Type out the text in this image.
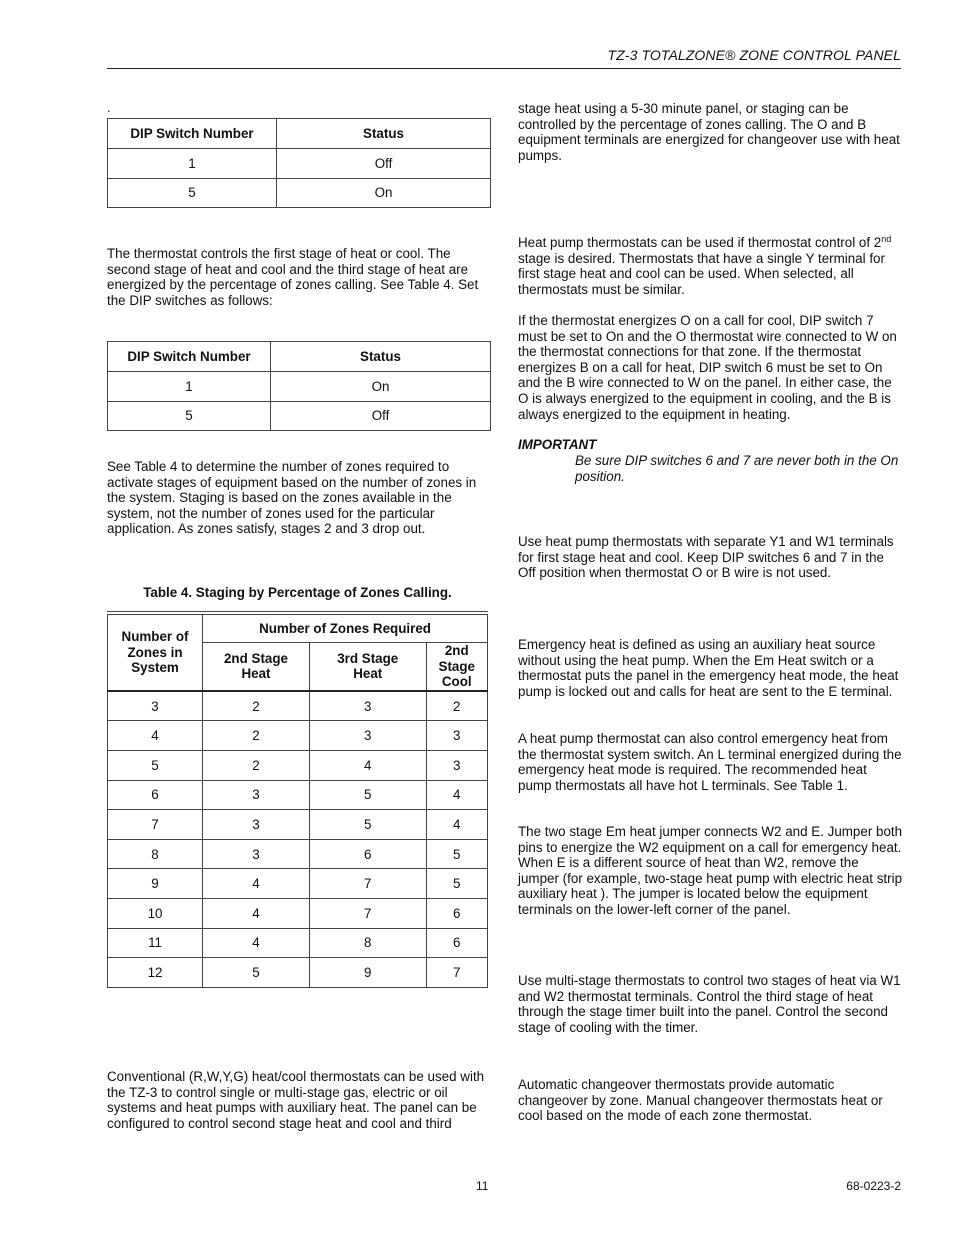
TZ-3 TOTALZONE® ZONE CONTROL PANEL
.
DIP Switch Number	Status
1	Off
5	On

The thermostat controls the first stage of heat or cool. The second stage of heat and cool and the third stage of heat are energized by the percentage of zones calling. See Table 4. Set the DIP switches as follows:

DIP Switch Number	Status
1	On
5	Off

See Table 4 to determine the number of zones required to activate stages of equipment based on the number of zones in the system. Staging is based on the zones available in the system, not the number of zones used for the particular application. As zones satisfy, stages 2 and 3 drop out.

Table 4. Staging by Percentage of Zones Calling.
Number of Zones in System	Number of Zones Required		
	2nd Stage Heat	3rd Stage Heat	2nd Stage Cool
3	2	3	2
4	2	3	3
5	2	4	3
6	3	5	4
7	3	5	4
8	3	6	5
9	4	7	5
10	4	7	6
11	4	8	6
12	5	9	7

Conventional (R,W,Y,G) heat/cool thermostats can be used with the TZ-3 to control single or multi-stage gas, electric or oil systems and heat pumps with auxiliary heat. The panel can be configured to control second stage heat and cool and third

stage heat using a 5-30 minute panel, or staging can be controlled by the percentage of zones calling. The O and B equipment terminals are energized for changeover use with heat pumps.

Heat pump thermostats can be used if thermostat control of 2nd stage is desired. Thermostats that have a single Y terminal for first stage heat and cool can be used. When selected, all thermostats must be similar.

If the thermostat energizes O on a call for cool, DIP switch 7 must be set to On and the O thermostat wire connected to W on the thermostat connections for that zone. If the thermostat energizes B on a call for heat, DIP switch 6 must be set to On and the B wire connected to W on the panel. In either case, the O is always energized to the equipment in cooling, and the B is always energized to the equipment in heating.

IMPORTANT

Be sure DIP switches 6 and 7 are never both in the On position.

Use heat pump thermostats with separate Y1 and W1 terminals for first stage heat and cool. Keep DIP switches 6 and 7 in the Off position when thermostat O or B wire is not used.

Emergency heat is defined as using an auxiliary heat source without using the heat pump. When the Em Heat switch or a thermostat puts the panel in the emergency heat mode, the heat pump is locked out and calls for heat are sent to the E terminal.

A heat pump thermostat can also control emergency heat from the thermostat system switch. An L terminal energized during the emergency heat mode is required. The recommended heat pump thermostats all have hot L terminals. See Table 1.

The two stage Em heat jumper connects W2 and E. Jumper both pins to energize the W2 equipment on a call for emergency heat. When E is a different source of heat than W2, remove the jumper (for example, two-stage heat pump with electric heat strip auxiliary heat ). The jumper is located below the equipment terminals on the lower-left corner of the panel.

Use multi-stage thermostats to control two stages of heat via W1 and W2 thermostat terminals. Control the third stage of heat through the stage timer built into the panel. Control the second stage of cooling with the timer.

Automatic changeover thermostats provide automatic changeover by zone. Manual changeover thermostats heat or cool based on the mode of each zone thermostat.

11	68-0223-2
